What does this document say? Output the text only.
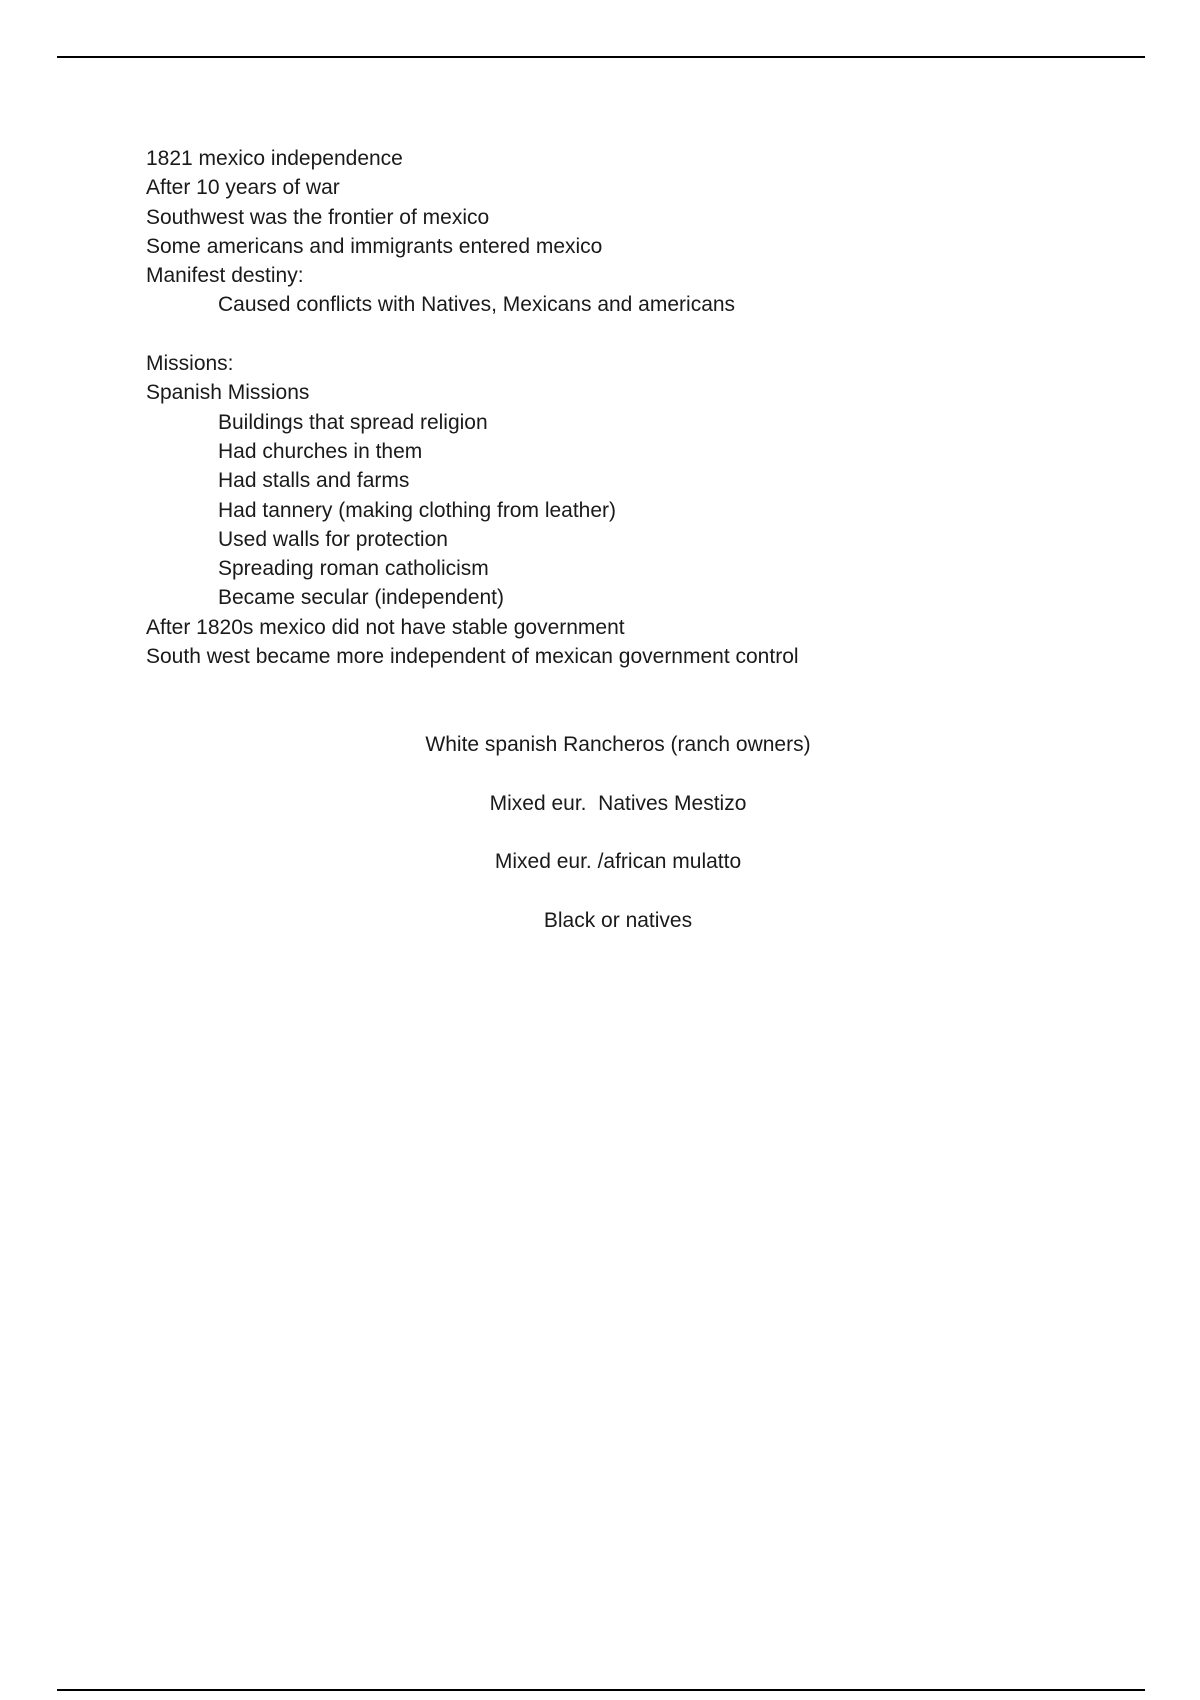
1821 mexico independence
After 10 years of war
Southwest was the frontier of mexico
Some americans and immigrants entered mexico
Manifest destiny:
Caused conflicts with Natives, Mexicans and americans
Missions:
Spanish Missions
Buildings that spread religion
Had churches in them
Had stalls and farms
Had tannery (making clothing from leather)
Used walls for protection
Spreading roman catholicism
Became secular (independent)
After 1820s mexico did not have stable government
South west became more independent of mexican government control
White spanish Rancheros (ranch owners)
Mixed eur.  Natives Mestizo
Mixed eur. /african mulatto
Black or natives
